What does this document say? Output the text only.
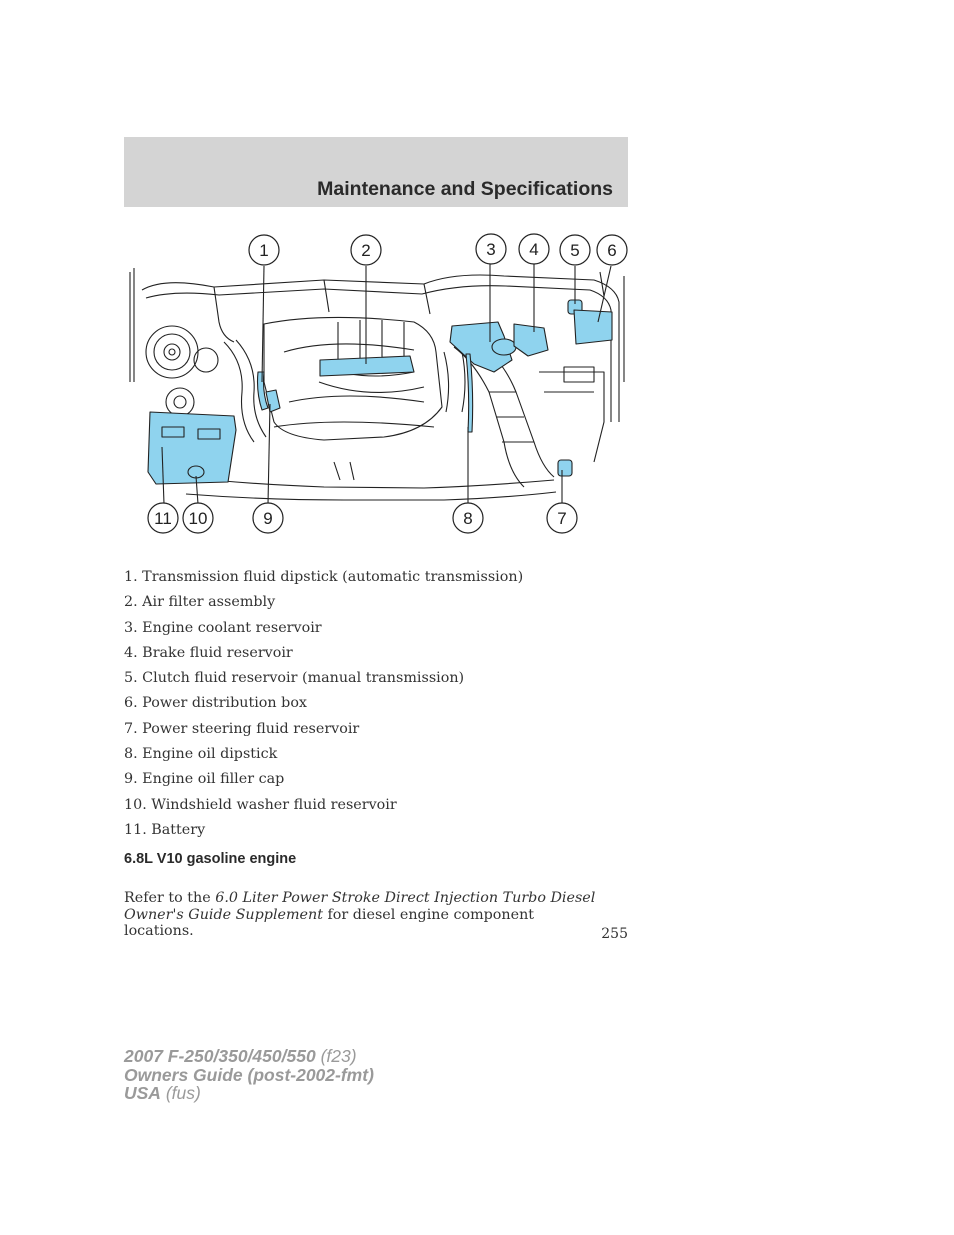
Maintenance and Specifications
1	2	3 4 5 6
7
8
9
10
11
1. Transmission fluid dipstick (automatic transmission)
2. Air filter assembly
3. Engine coolant reservoir
4. Brake fluid reservoir
5. Clutch fluid reservoir (manual transmission)
6. Power distribution box
7. Power steering fluid reservoir
8. Engine oil dipstick
9. Engine oil filler cap
10. Windshield washer fluid reservoir
11. Battery
6.8L V10 gasoline engine

Refer to the 6.0 Liter Power Stroke Direct Injection Turbo Diesel Owner's Guide Supplement for diesel engine component locations.	255
2007 F-250/350/450/550 (f23)
Owners Guide (post-2002-fmt)
USA (fus)
